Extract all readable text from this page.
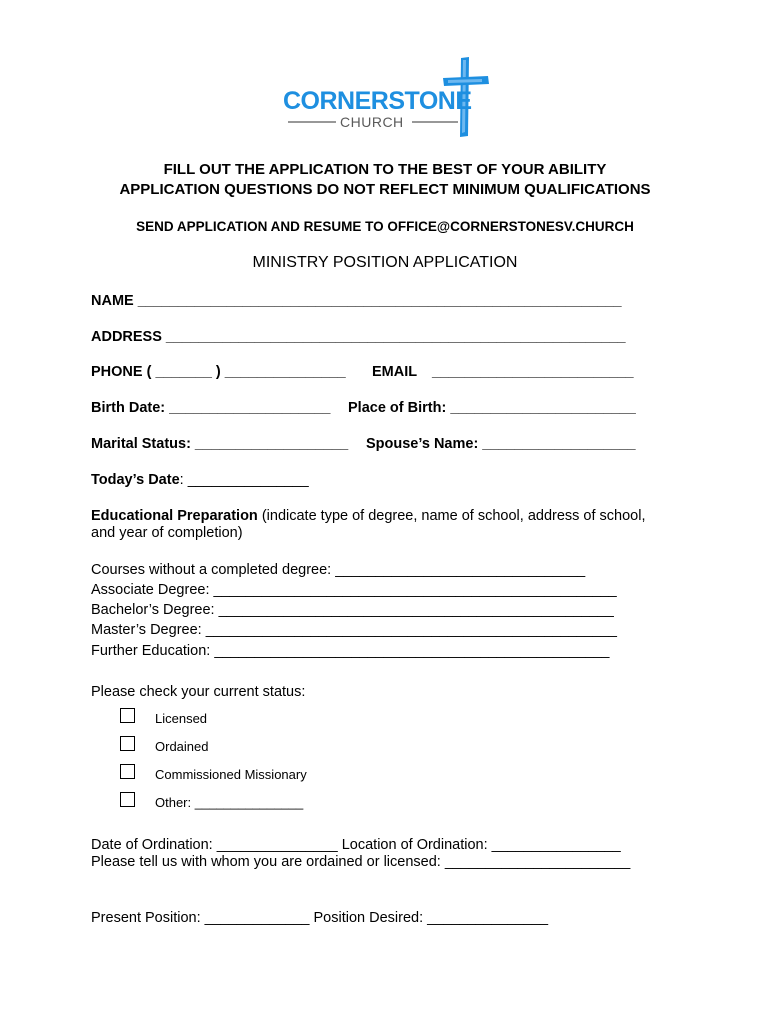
CORNERSTONE
CHURCH
FILL OUT THE APPLICATION TO THE BEST OF YOUR ABILITY
APPLICATION QUESTIONS DO NOT REFLECT MINIMUM QUALIFICATIONS
SEND APPLICATION AND RESUME TO OFFICE@CORNERSTONESV.CHURCH
MINISTRY POSITION APPLICATION
NAME ____________________________________________________________
ADDRESS _________________________________________________________
PHONE ( _______ ) _______________ EMAIL _________________________
Birth Date: ____________________ Place of Birth: _______________________
Marital Status: ___________________ Spouse’s Name: ___________________
Today’s Date: _______________
Educational Preparation (indicate type of degree, name of school, address of school,
and year of completion)
Courses without a completed degree: _______________________________
Associate Degree: __________________________________________________
Bachelor’s Degree: _________________________________________________
Master’s Degree: ___________________________________________________
Further Education: _________________________________________________
Please check your current status:
Licensed
Ordained
Commissioned Missionary
Other: _______________
Date of Ordination: _______________ Location of Ordination: ________________
Please tell us with whom you are ordained or licensed: _______________________
Present Position: _____________ Position Desired: _______________
